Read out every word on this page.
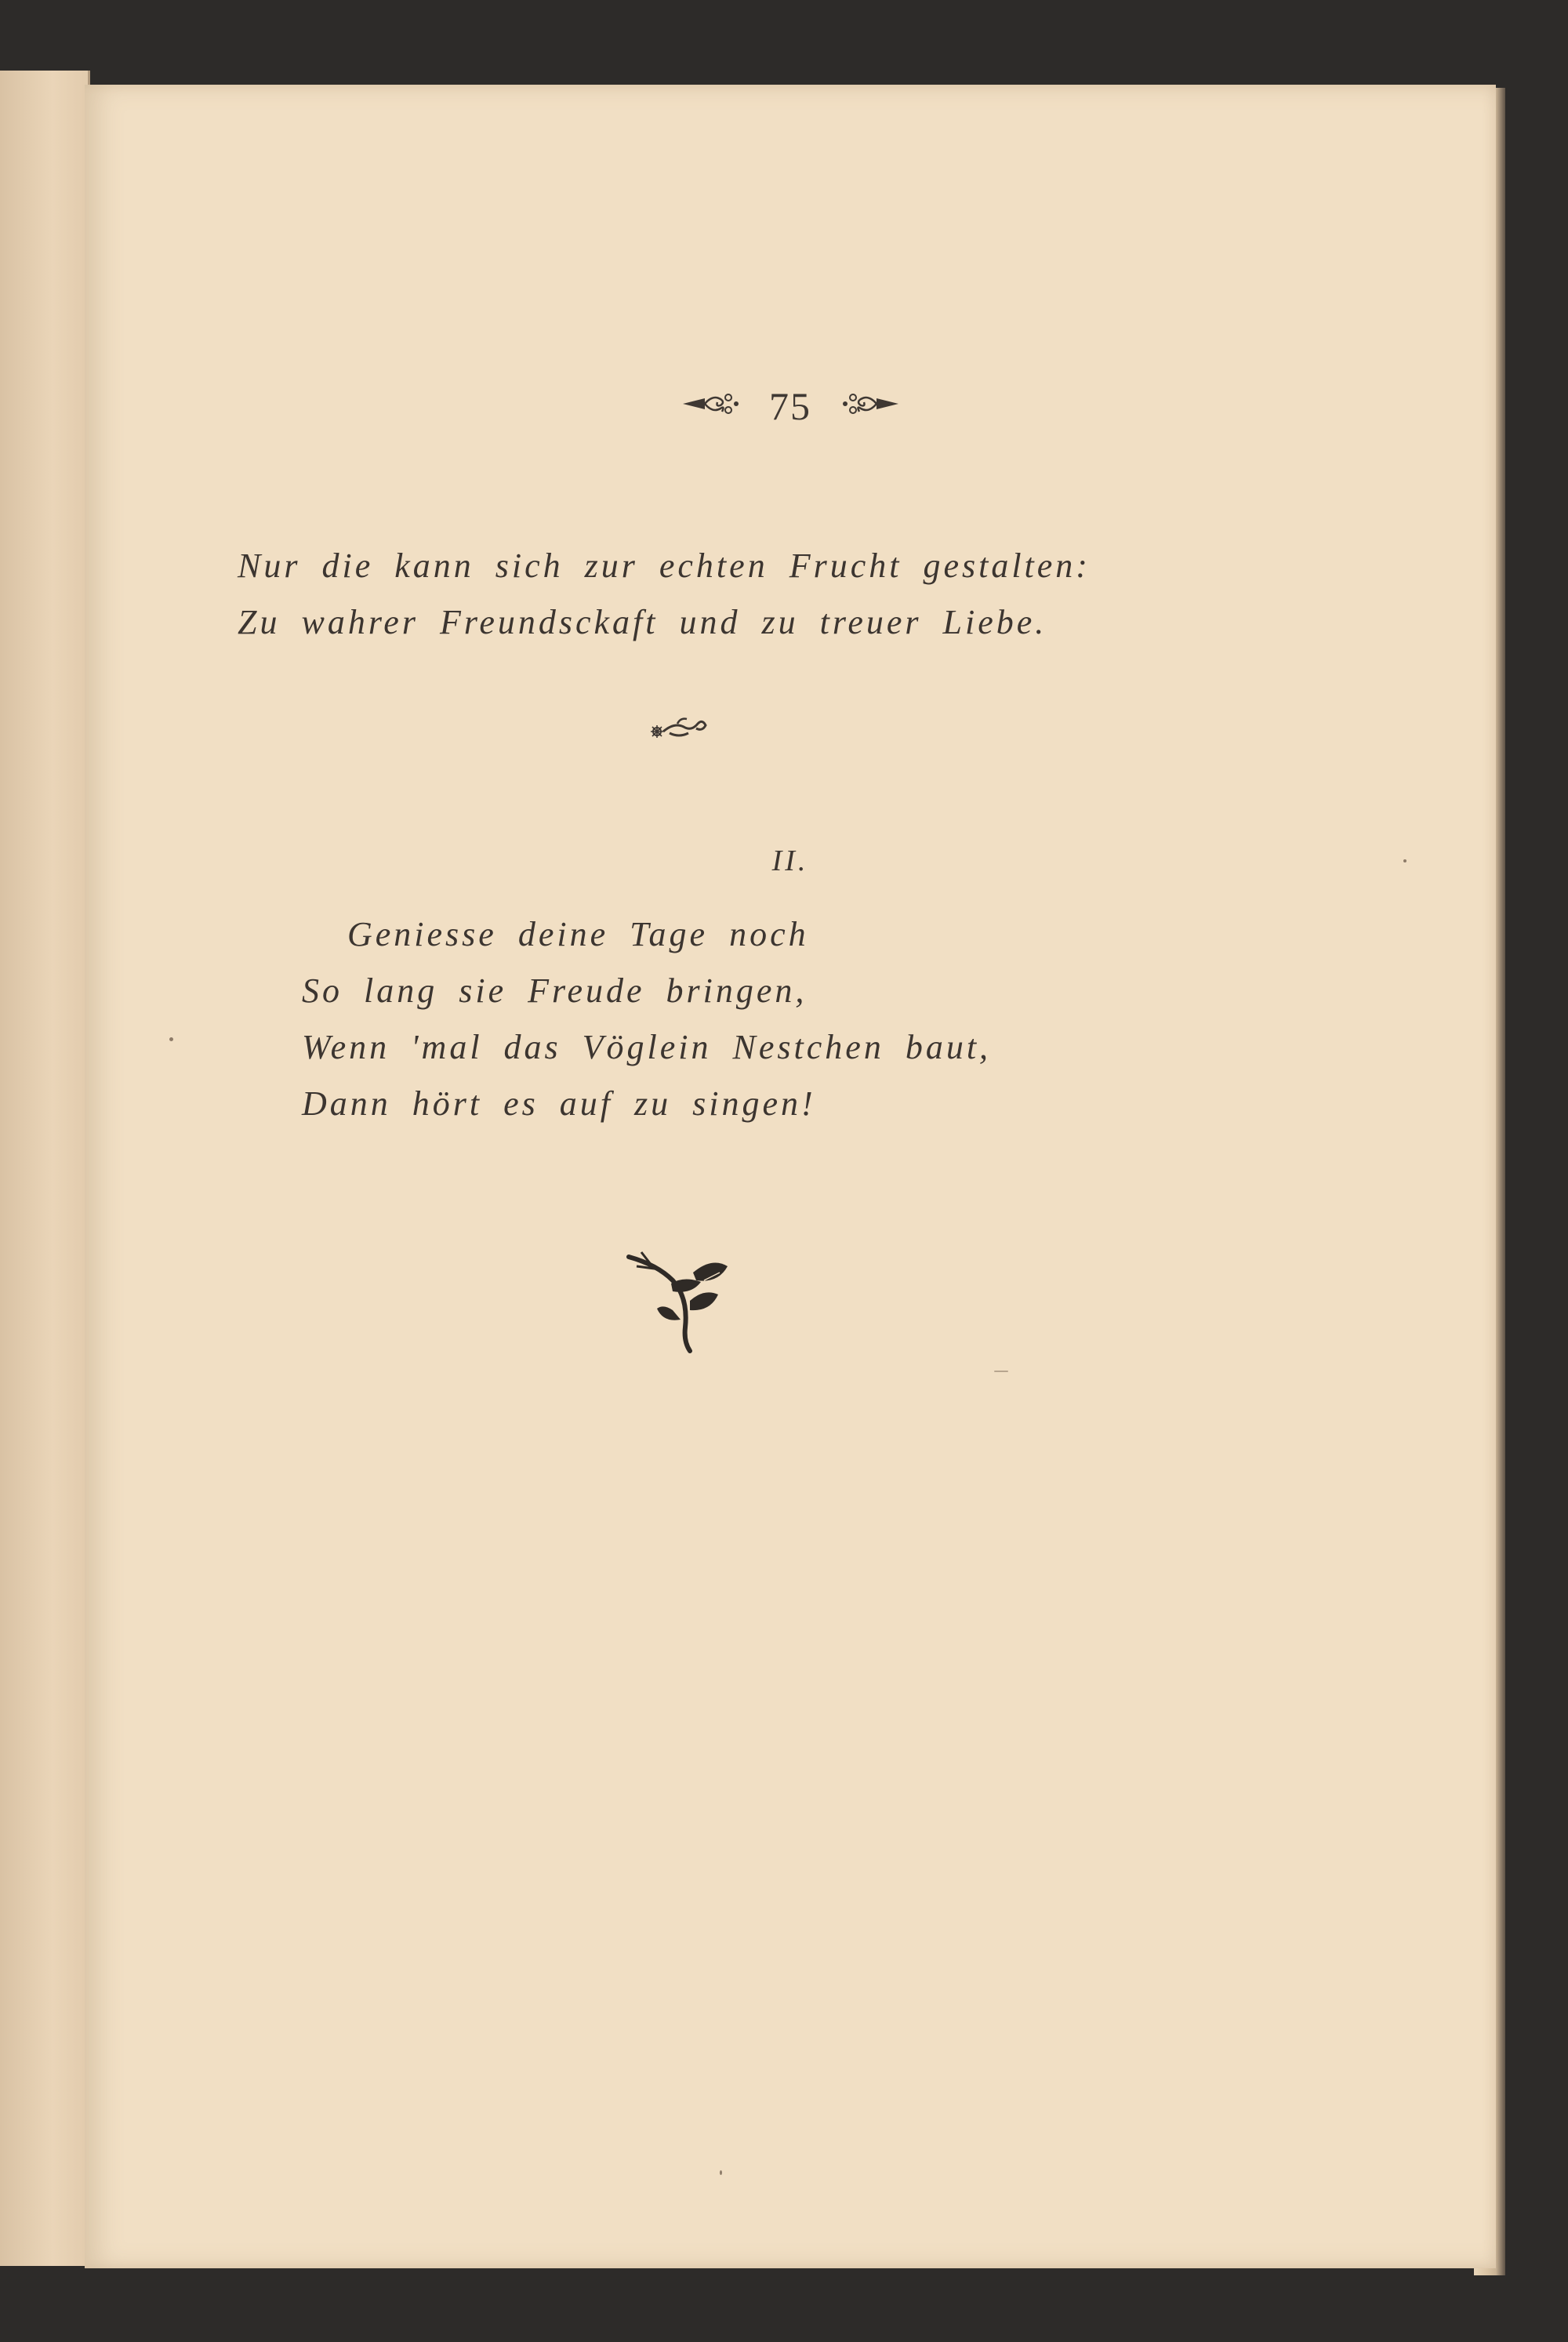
75
Nur die kann sich zur echten Frucht gestalten:
Zu wahrer Freundsckaft und zu treuer Liebe.
II.
Geniesse deine Tage noch
So lang sie Freude bringen,
Wenn 'mal das Vöglein Nestchen baut,
Dann hört es auf zu singen!
